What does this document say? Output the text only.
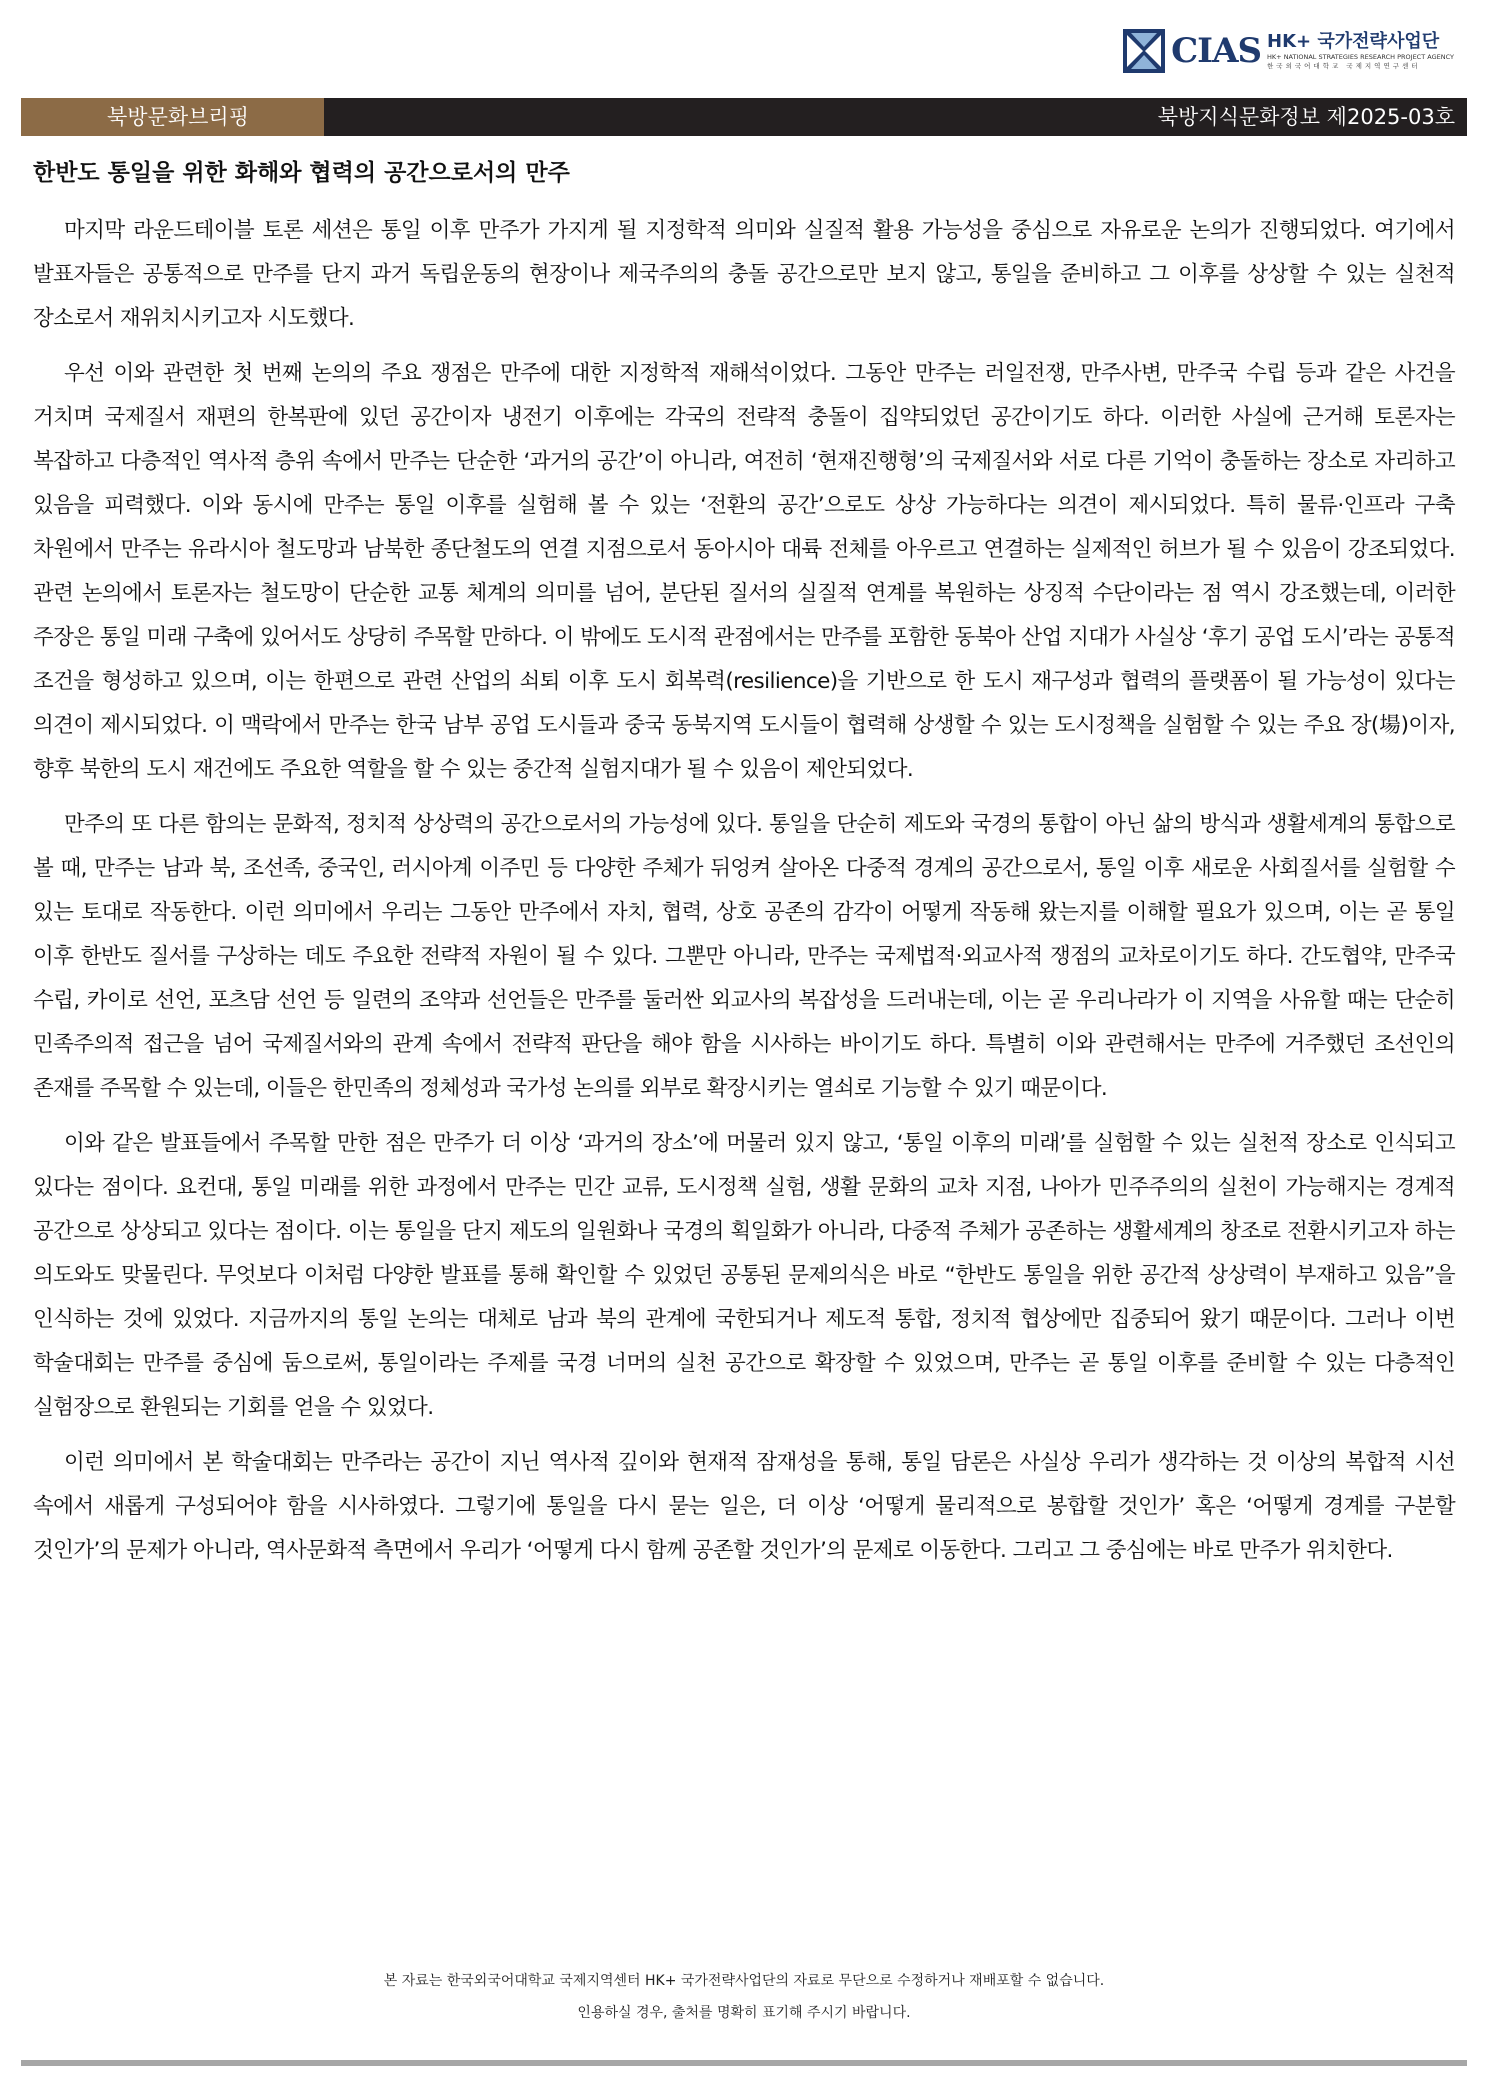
CIAS HK+ 국가전략사업단
HK+ NATIONAL STRATEGIES RESEARCH PROJECT AGENCY
한국외국어대학교 국제지역연구센터
북방문화브리핑	북방지식문화정보 제2025-03호
한반도 통일을 위한 화해와 협력의 공간으로서의 만주

마지막 라운드테이블 토론 세션은 통일 이후 만주가 가지게 될 지정학적 의미와 실질적 활용 가능성을 중심으로 자유로운 논의가 진행되었다. 여기에서 발표자들은 공통적으로 만주를 단지 과거 독립운동의 현장이나 제국주의의 충돌 공간으로만 보지 않고, 통일을 준비하고 그 이후를 상상할 수 있는 실천적 장소로서 재위치시키고자 시도했다.

우선 이와 관련한 첫 번째 논의의 주요 쟁점은 만주에 대한 지정학적 재해석이었다. 그동안 만주는 러일전쟁, 만주사변, 만주국 수립 등과 같은 사건을 거치며 국제질서 재편의 한복판에 있던 공간이자 냉전기 이후에는 각국의 전략적 충돌이 집약되었던 공간이기도 하다. 이러한 사실에 근거해 토론자는 복잡하고 다층적인 역사적 층위 속에서 만주는 단순한 ‘과거의 공간’이 아니라, 여전히 ‘현재진행형’의 국제질서와 서로 다른 기억이 충돌하는 장소로 자리하고 있음을 피력했다. 이와 동시에 만주는 통일 이후를 실험해 볼 수 있는 ‘전환의 공간’으로도 상상 가능하다는 의견이 제시되었다. 특히 물류·인프라 구축 차원에서 만주는 유라시아 철도망과 남북한 종단철도의 연결 지점으로서 동아시아 대륙 전체를 아우르고 연결하는 실제적인 허브가 될 수 있음이 강조되었다. 관련 논의에서 토론자는 철도망이 단순한 교통 체계의 의미를 넘어, 분단된 질서의 실질적 연계를 복원하는 상징적 수단이라는 점 역시 강조했는데, 이러한 주장은 통일 미래 구축에 있어서도 상당히 주목할 만하다. 이 밖에도 도시적 관점에서는 만주를 포함한 동북아 산업 지대가 사실상 ‘후기 공업 도시’라는 공통적 조건을 형성하고 있으며, 이는 한편으로 관련 산업의 쇠퇴 이후 도시 회복력(resilience)을 기반으로 한 도시 재구성과 협력의 플랫폼이 될 가능성이 있다는 의견이 제시되었다. 이 맥락에서 만주는 한국 남부 공업 도시들과 중국 동북지역 도시들이 협력해 상생할 수 있는 도시정책을 실험할 수 있는 주요 장(場)이자, 향후 북한의 도시 재건에도 주요한 역할을 할 수 있는 중간적 실험지대가 될 수 있음이 제안되었다.

만주의 또 다른 함의는 문화적, 정치적 상상력의 공간으로서의 가능성에 있다. 통일을 단순히 제도와 국경의 통합이 아닌 삶의 방식과 생활세계의 통합으로 볼 때, 만주는 남과 북, 조선족, 중국인, 러시아계 이주민 등 다양한 주체가 뒤엉켜 살아온 다중적 경계의 공간으로서, 통일 이후 새로운 사회질서를 실험할 수 있는 토대로 작동한다. 이런 의미에서 우리는 그동안 만주에서 자치, 협력, 상호 공존의 감각이 어떻게 작동해 왔는지를 이해할 필요가 있으며, 이는 곧 통일 이후 한반도 질서를 구상하는 데도 주요한 전략적 자원이 될 수 있다. 그뿐만 아니라, 만주는 국제법적·외교사적 쟁점의 교차로이기도 하다. 간도협약, 만주국 수립, 카이로 선언, 포츠담 선언 등 일련의 조약과 선언들은 만주를 둘러싼 외교사의 복잡성을 드러내는데, 이는 곧 우리나라가 이 지역을 사유할 때는 단순히 민족주의적 접근을 넘어 국제질서와의 관계 속에서 전략적 판단을 해야 함을 시사하는 바이기도 하다. 특별히 이와 관련해서는 만주에 거주했던 조선인의 존재를 주목할 수 있는데, 이들은 한민족의 정체성과 국가성 논의를 외부로 확장시키는 열쇠로 기능할 수 있기 때문이다.

이와 같은 발표들에서 주목할 만한 점은 만주가 더 이상 ‘과거의 장소’에 머물러 있지 않고, ‘통일 이후의 미래’를 실험할 수 있는 실천적 장소로 인식되고 있다는 점이다. 요컨대, 통일 미래를 위한 과정에서 만주는 민간 교류, 도시정책 실험, 생활 문화의 교차 지점, 나아가 민주주의의 실천이 가능해지는 경계적 공간으로 상상되고 있다는 점이다. 이는 통일을 단지 제도의 일원화나 국경의 획일화가 아니라, 다중적 주체가 공존하는 생활세계의 창조로 전환시키고자 하는 의도와도 맞물린다. 무엇보다 이처럼 다양한 발표를 통해 확인할 수 있었던 공통된 문제의식은 바로 “한반도 통일을 위한 공간적 상상력이 부재하고 있음”을 인식하는 것에 있었다. 지금까지의 통일 논의는 대체로 남과 북의 관계에 국한되거나 제도적 통합, 정치적 협상에만 집중되어 왔기 때문이다. 그러나 이번 학술대회는 만주를 중심에 둠으로써, 통일이라는 주제를 국경 너머의 실천 공간으로 확장할 수 있었으며, 만주는 곧 통일 이후를 준비할 수 있는 다층적인 실험장으로 환원되는 기회를 얻을 수 있었다.

이런 의미에서 본 학술대회는 만주라는 공간이 지닌 역사적 깊이와 현재적 잠재성을 통해, 통일 담론은 사실상 우리가 생각하는 것 이상의 복합적 시선 속에서 새롭게 구성되어야 함을 시사하였다. 그렇기에 통일을 다시 묻는 일은, 더 이상 ‘어떻게 물리적으로 봉합할 것인가’ 혹은 ‘어떻게 경계를 구분할 것인가’의 문제가 아니라, 역사문화적 측면에서 우리가 ‘어떻게 다시 함께 공존할 것인가’의 문제로 이동한다. 그리고 그 중심에는 바로 만주가 위치한다.

본 자료는 한국외국어대학교 국제지역센터 HK+ 국가전략사업단의 자료로 무단으로 수정하거나 재배포할 수 없습니다.
인용하실 경우, 출처를 명확히 표기해 주시기 바랍니다.
